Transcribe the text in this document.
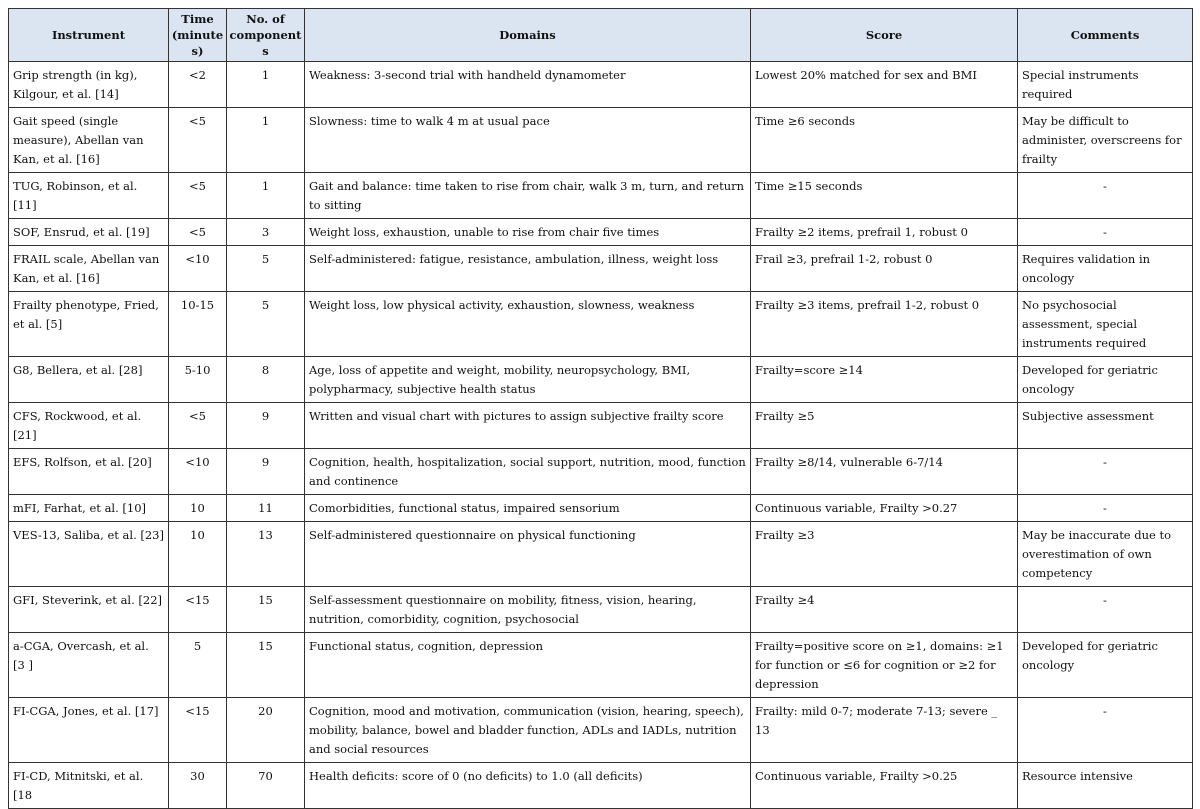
Instrument	Time (minutes)	No. of components	Domains	Score	Comments
Grip strength (in kg), Kilgour, et al. [14]	<2	1	Weakness: 3-second trial with handheld dynamometer	Lowest 20% matched for sex and BMI	Special instruments required
Gait speed (single measure), Abellan van Kan, et al. [16]	<5	1	Slowness: time to walk 4 m at usual pace	Time ≥6 seconds	May be difficult to administer, overscreens for frailty
TUG, Robinson, et al. [11]	<5	1	Gait and balance: time taken to rise from chair, walk 3 m, turn, and return to sitting	Time ≥15 seconds	-
SOF, Ensrud, et al. [19]	<5	3	Weight loss, exhaustion, unable to rise from chair five times	Frailty ≥2 items, prefrail 1, robust 0	-
FRAIL scale, Abellan van Kan, et al. [16]	<10	5	Self-administered: fatigue, resistance, ambulation, illness, weight loss	Frail ≥3, prefrail 1-2, robust 0	Requires validation in oncology
Frailty phenotype, Fried, et al. [5]	10-15	5	Weight loss, low physical activity, exhaustion, slowness, weakness	Frailty ≥3 items, prefrail 1-2, robust 0	No psychosocial assessment, special instruments required
G8, Bellera, et al. [28]	5-10	8	Age, loss of appetite and weight, mobility, neuropsychology, BMI, polypharmacy, subjective health status	Frailty=score ≥14	Developed for geriatric oncology
CFS, Rockwood, et al. [21]	<5	9	Written and visual chart with pictures to assign subjective frailty score	Frailty ≥5	Subjective assessment
EFS, Rolfson, et al. [20]	<10	9	Cognition, health, hospitalization, social support, nutrition, mood, function and continence	Frailty ≥8/14, vulnerable 6-7/14	-
mFI, Farhat, et al. [10]	10	11	Comorbidities, functional status, impaired sensorium	Continuous variable, Frailty >0.27	-
VES-13, Saliba, et al. [23]	10	13	Self-administered questionnaire on physical functioning	Frailty ≥3	May be inaccurate due to overestimation of own competency
GFI, Steverink, et al. [22]	<15	15	Self-assessment questionnaire on mobility, fitness, vision, hearing, nutrition, comorbidity, cognition, psychosocial	Frailty ≥4	-
a-CGA, Overcash, et al. [3 ]	5	15	Functional status, cognition, depression	Frailty=positive score on ≥1, domains: ≥1 for function or ≤6 for cognition or ≥2 for depression	Developed for geriatric oncology
FI-CGA, Jones, et al. [17]	<15	20	Cognition, mood and motivation, communication (vision, hearing, speech), mobility, balance, bowel and bladder function, ADLs and IADLs, nutrition and social resources	Frailty: mild 0-7; moderate 7-13; severe _ 13	-
FI-CD, Mitnitski, et al. [18	30	70	Health deficits: score of 0 (no deficits) to 1.0 (all deficits)	Continuous variable, Frailty >0.25	Resource intensive
